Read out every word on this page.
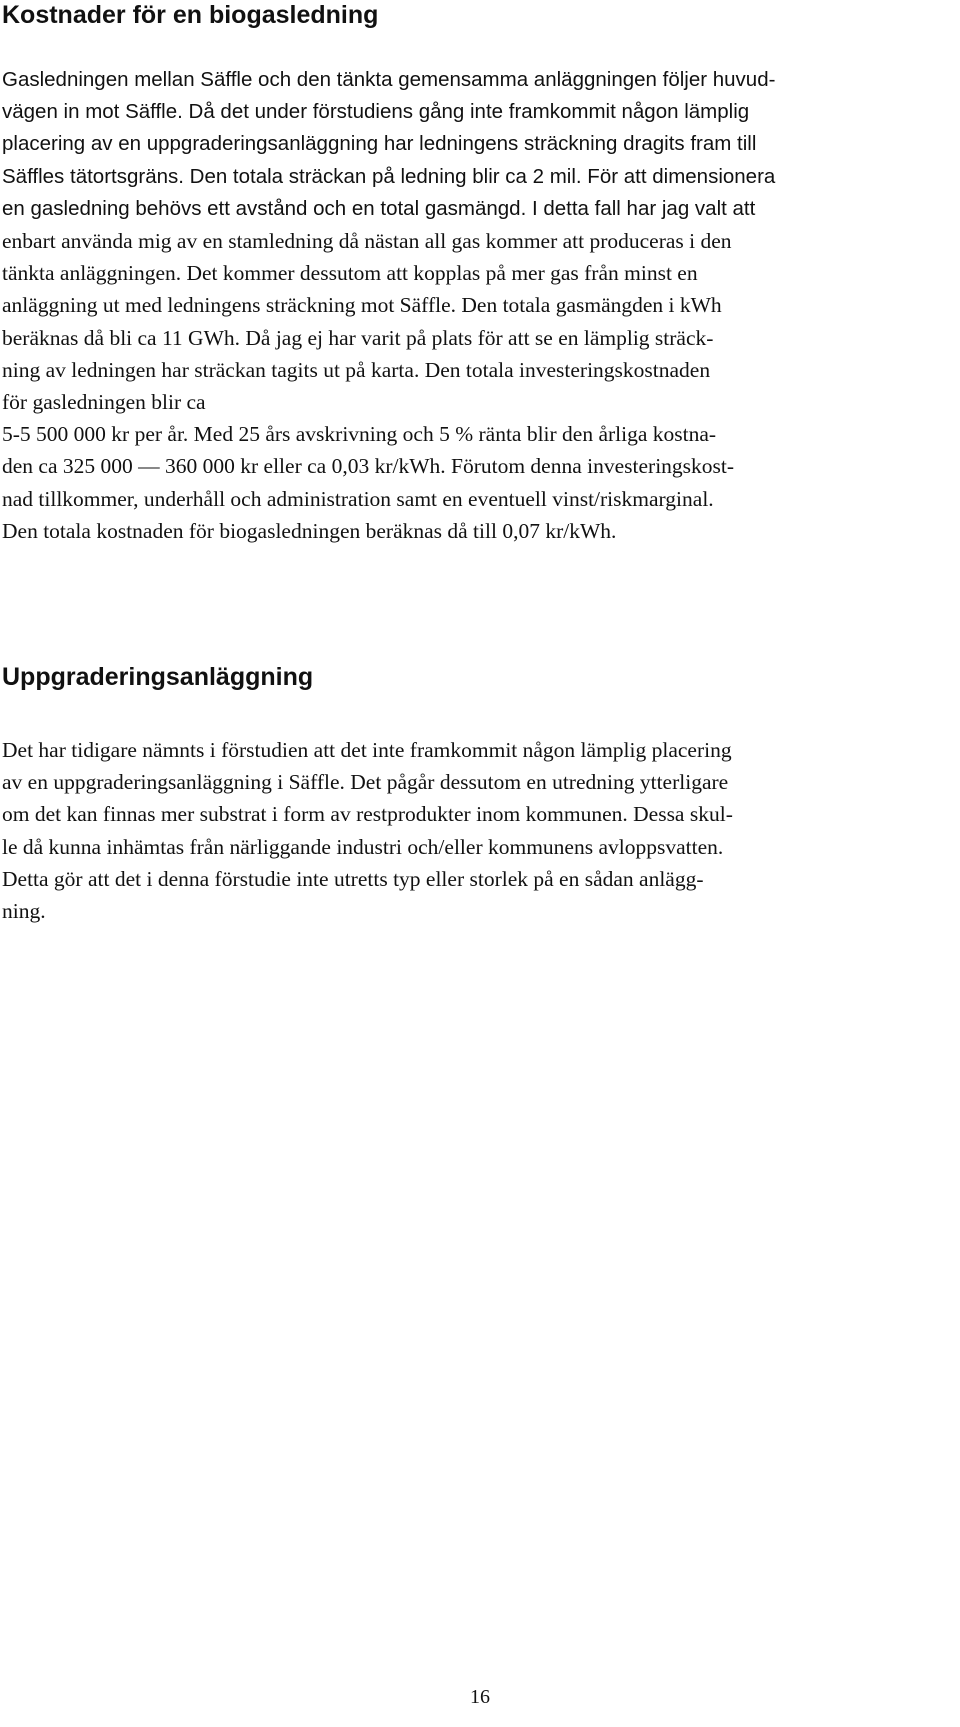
Kostnader för en biogasledning

Gasledningen mellan Säffle och den tänkta gemensamma anläggningen följer huvud-
vägen in mot Säffle. Då det under förstudiens gång inte framkommit någon lämplig
placering av en uppgraderingsanläggning har ledningens sträckning dragits fram till
Säffles tätortsgräns. Den totala sträckan på ledning blir ca 2 mil. För att dimensionera
en gasledning behövs ett avstånd och en total gasmängd. I detta fall har jag valt att
enbart använda mig av en stamledning då nästan all gas kommer att produceras i den
tänkta anläggningen. Det kommer dessutom att kopplas på mer gas från minst en
anläggning ut med ledningens sträckning mot Säffle. Den totala gasmängden i kWh
beräknas då bli ca 11 GWh. Då jag ej har varit på plats för att se en lämplig sträck-
ning av ledningen har sträckan tagits ut på karta. Den totala investeringskostnaden
för gasledningen blir ca
5-5 500 000 kr per år. Med 25 års avskrivning och 5 % ränta blir den årliga kostna-
den ca 325 000 — 360 000 kr eller ca 0,03 kr/kWh. Förutom denna investeringskost-
nad tillkommer, underhåll och administration samt en eventuell vinst/riskmarginal.
Den totala kostnaden för biogasledningen beräknas då till 0,07 kr/kWh.

Uppgraderingsanläggning

Det har tidigare nämnts i förstudien att det inte framkommit någon lämplig placering
av en uppgraderingsanläggning i Säffle. Det pågår dessutom en utredning ytterligare
om det kan finnas mer substrat i form av restprodukter inom kommunen. Dessa skul-
le då kunna inhämtas från närliggande industri och/eller kommunens avloppsvatten.
Detta gör att det i denna förstudie inte utretts typ eller storlek på en sådan anlägg-
ning.

16
